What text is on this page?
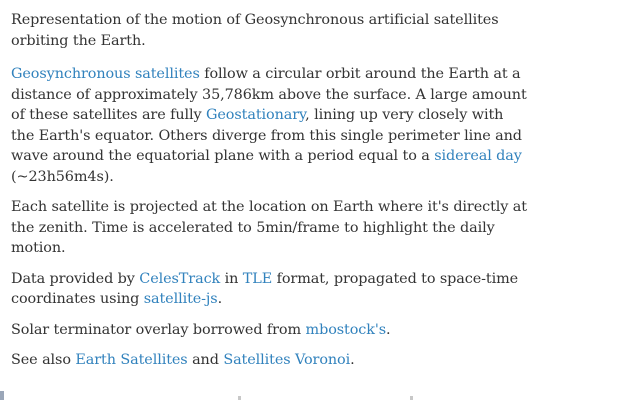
Representation of the motion of Geosynchronous artificial satellites orbiting the Earth.

Geosynchronous satellites follow a circular orbit around the Earth at a distance of approximately 35,786km above the surface. A large amount of these satellites are fully Geostationary, lining up very closely with the Earth's equator. Others diverge from this single perimeter line and wave around the equatorial plane with a period equal to a sidereal day (~23h56m4s).

Each satellite is projected at the location on Earth where it's directly at the zenith. Time is accelerated to 5min/frame to highlight the daily motion.

Data provided by CelesTrack in TLE format, propagated to space-time coordinates using satellite-js.

Solar terminator overlay borrowed from mbostock's.

See also Earth Satellites and Satellites Voronoi.
